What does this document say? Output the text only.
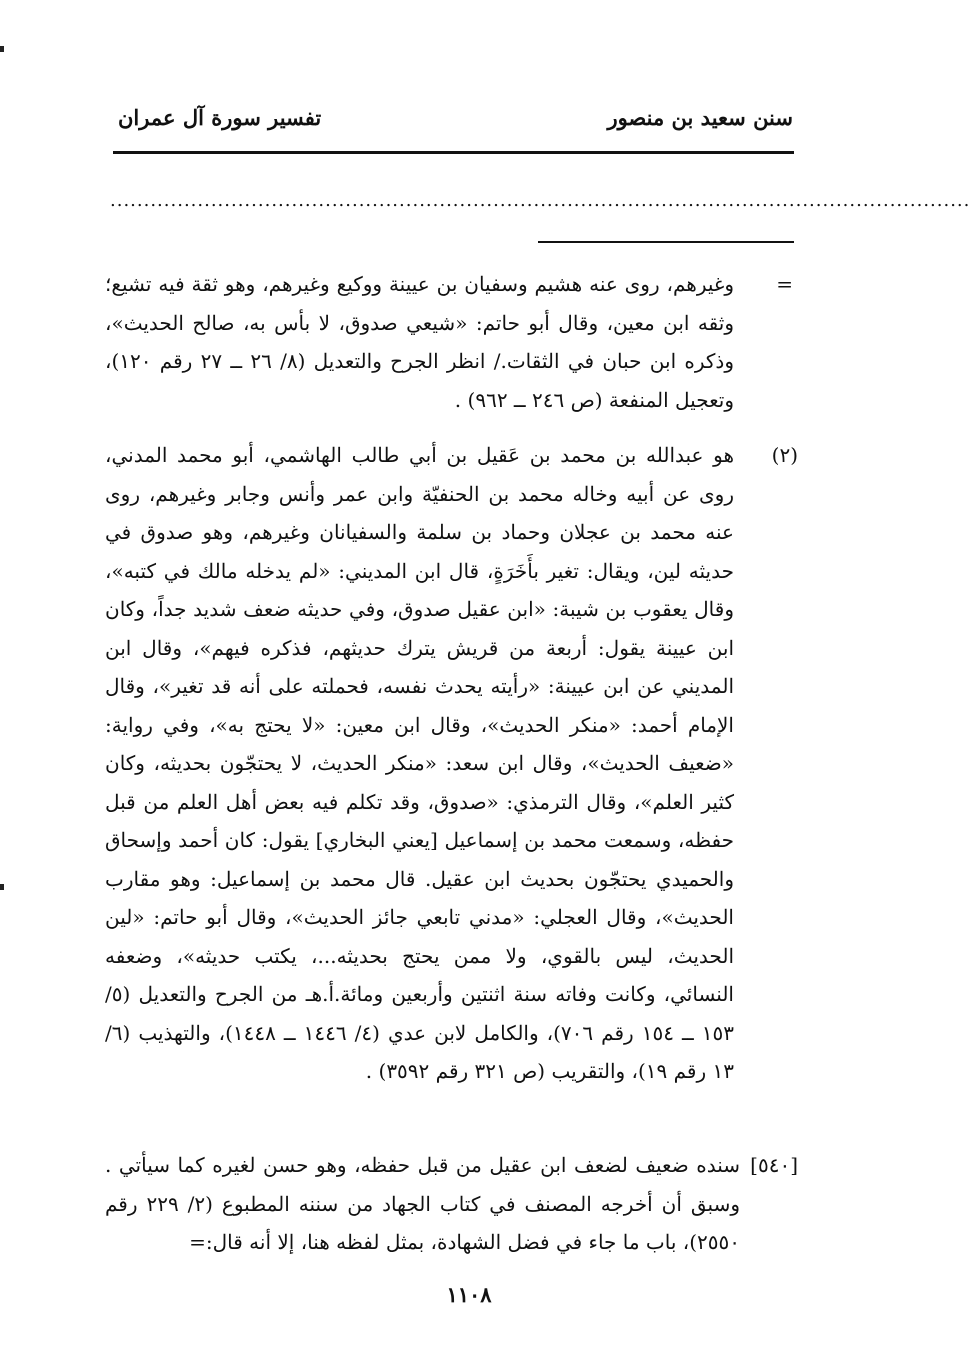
سنن سعيد بن منصور
تفسير سورة آل عمران
................................................................................................................................
=
وغيرهم، روى عنه هشيم وسفيان بن عيينة ووكيع وغيرهم، وهو ثقة فيه تشيع؛ وثقه ابن معين، وقال أبو حاتم: «شيعي صدوق، لا بأس به، صالح الحديث»، وذكره ابن حبان في الثقات./ انظر الجرح والتعديل (٨/ ٢٦ ــ ٢٧ رقم ١٢٠)، وتعجيل المنفعة (ص ٢٤٦ ــ ٩٦٢) .
(٢)
هو عبدالله بن محمد بن عَقيل بن أبي طالب الهاشمي، أبو محمد المدني، روى عن أبيه وخاله محمد بن الحنفيّة وابن عمر وأنس وجابر وغيرهم، روى عنه محمد بن عجلان وحماد بن سلمة والسفيانان وغيرهم، وهو صدوق في حديثه لين، ويقال: تغير بأَخَرَةٍ، قال ابن المديني: «لم يدخله مالك في كتبه»، وقال يعقوب بن شيبة: «ابن عقيل صدوق، وفي حديثه ضعف شديد جداً، وكان ابن عيينة يقول: أربعة من قريش يترك حديثهم، فذكره فيهم»، وقال ابن المديني عن ابن عيينة: «رأيته يحدث نفسه، فحملته على أنه قد تغير»، وقال الإمام أحمد: «منكر الحديث»، وقال ابن معين: «لا يحتج به»، وفي رواية: «ضعيف الحديث»، وقال ابن سعد: «منكر الحديث، لا يحتجّون بحديثه، وكان كثير العلم»، وقال الترمذي: «صدوق، وقد تكلم فيه بعض أهل العلم من قبل حفظه، وسمعت محمد بن إسماعيل [يعني البخاري] يقول: كان أحمد وإسحاق والحميدي يحتجّون بحديث ابن عقيل. قال محمد بن إسماعيل: وهو مقارب الحديث»، وقال العجلي: «مدني تابعي جائز الحديث»، وقال أبو حاتم: «لين الحديث، ليس بالقوي، ولا ممن يحتج بحديثه...، يكتب حديثه»، وضعفه النسائي، وكانت وفاته سنة اثنتين وأربعين ومائة.أ.هـ من الجرح والتعديل (٥/ ١٥٣ ــ ١٥٤ رقم ٧٠٦)، والكامل لابن عدي (٤/ ١٤٤٦ ــ ١٤٤٨)، والتهذيب (٦/ ١٣ رقم ١٩)، والتقريب (ص ٣٢١ رقم ٣٥٩٢) .
[٥٤٠]
سنده ضعيف لضعف ابن عقيل من قبل حفظه، وهو حسن لغيره كما سيأتي . وسبق أن أخرجه المصنف في كتاب الجهاد من سننه المطبوع (٢/ ٢٢٩ رقم ٢٥٥٠)، باب ما جاء في فضل الشهادة، بمثل لفظه هنا، إلا أنه قال:=
١١٠٨
